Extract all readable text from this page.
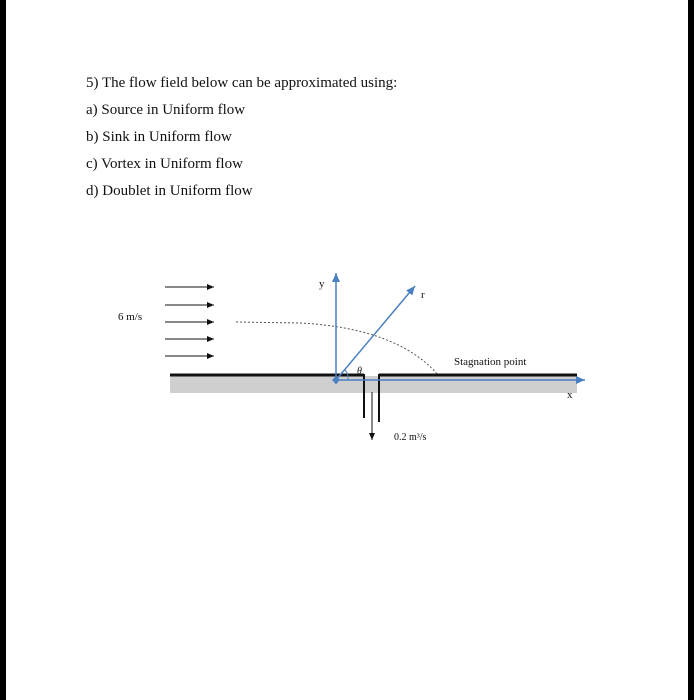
5) The flow field below can be approximated using:
a) Source in Uniform flow
b) Sink in Uniform flow
c) Vortex in Uniform flow
d) Doublet in Uniform flow
6 m/s
y
r
θ
Stagnation point
x
0.2 m³/s
